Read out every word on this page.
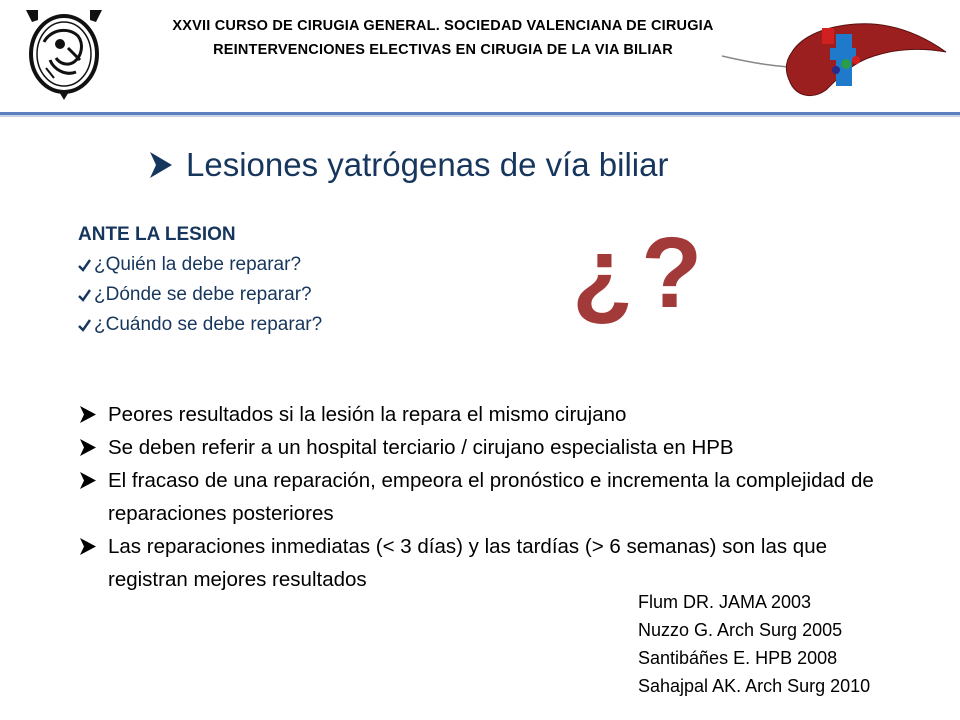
XXVII CURSO DE CIRUGIA GENERAL. SOCIEDAD VALENCIANA DE CIRUGIA
REINTERVENCIONES ELECTIVAS EN CIRUGIA DE LA VIA BILIAR
Lesiones yatrógenas de vía biliar
ANTE LA LESION
¿Quién la debe reparar?
¿Dónde se debe reparar?
¿Cuándo se debe reparar? ¿?
Peores resultados si la lesión la repara el mismo cirujano
Se deben referir a un hospital terciario / cirujano especialista en HPB
El fracaso de una reparación, empeora el pronóstico e incrementa la complejidad de reparaciones posteriores
Las reparaciones inmediatas (< 3 días) y las tardías (> 6 semanas) son las que registran mejores resultados
Flum DR. JAMA 2003
Nuzzo G. Arch Surg 2005
Santibáñes E. HPB 2008
Sahajpal AK. Arch Surg 2010
